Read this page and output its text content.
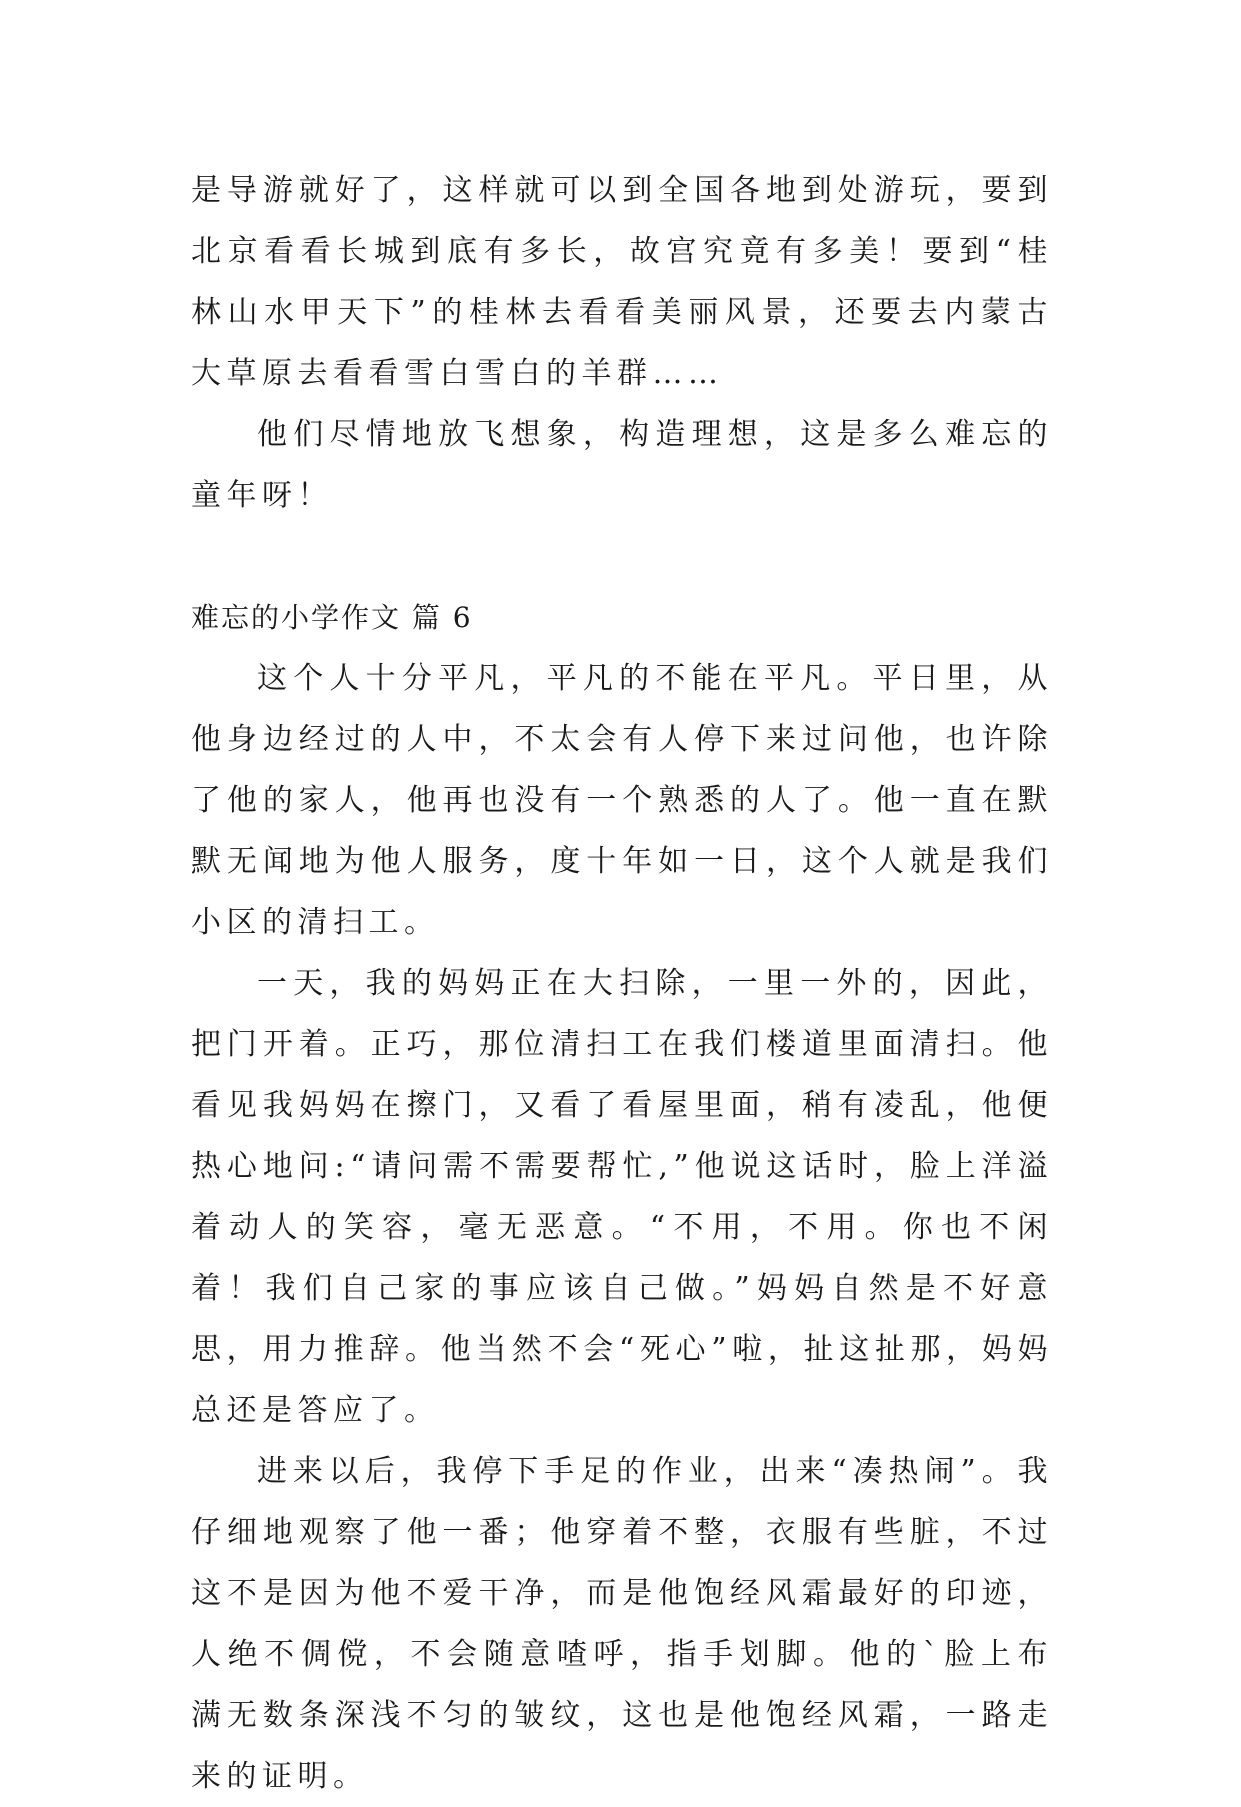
是导游就好了，这样就可以到全国各地到处游玩，要到北京看看长城到底有多长，故宫究竟有多美！要到“桂林山水甲天下”的桂林去看看美丽风景，还要去内蒙古大草原去看看雪白雪白的羊群……

他们尽情地放飞想象，构造理想，这是多么难忘的童年呀！

难忘的小学作文 篇 6

这个人十分平凡，平凡的不能在平凡。平日里，从他身边经过的人中，不太会有人停下来过问他，也许除了他的家人，他再也没有一个熟悉的人了。他一直在默默无闻地为他人服务，度十年如一日，这个人就是我们小区的清扫工。

一天，我的妈妈正在大扫除，一里一外的，因此，把门开着。正巧，那位清扫工在我们楼道里面清扫。他看见我妈妈在擦门，又看了看屋里面，稍有凌乱，他便热心地问:“请问需不需要帮忙,”他说这话时，脸上洋溢着动人的笑容，毫无恶意。“不用，不用。你也不闲着！我们自己家的事应该自己做。”妈妈自然是不好意思，用力推辞。他当然不会“死心”啦，扯这扯那，妈妈总还是答应了。

进来以后，我停下手足的作业，出来“凑热闹”。我仔细地观察了他一番；他穿着不整，衣服有些脏，不过这不是因为他不爱干净，而是他饱经风霜最好的印迹，人绝不倜傥，不会随意喳呼，指手划脚。他的`脸上布满无数条深浅不匀的皱纹，这也是他饱经风霜，一路走来的证明。
